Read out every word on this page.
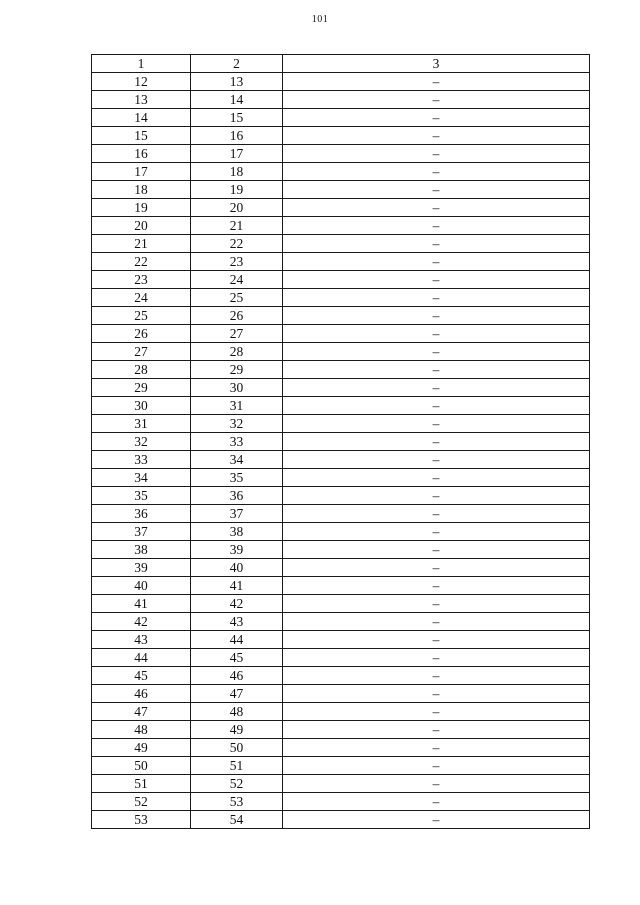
101
1	2	3
12	13	–
13	14	–
14	15	–
15	16	–
16	17	–
17	18	–
18	19	–
19	20	–
20	21	–
21	22	–
22	23	–
23	24	–
24	25	–
25	26	–
26	27	–
27	28	–
28	29	–
29	30	–
30	31	–
31	32	–
32	33	–
33	34	–
34	35	–
35	36	–
36	37	–
37	38	–
38	39	–
39	40	–
40	41	–
41	42	–
42	43	–
43	44	–
44	45	–
45	46	–
46	47	–
47	48	–
48	49	–
49	50	–
50	51	–
51	52	–
52	53	–
53	54	–
